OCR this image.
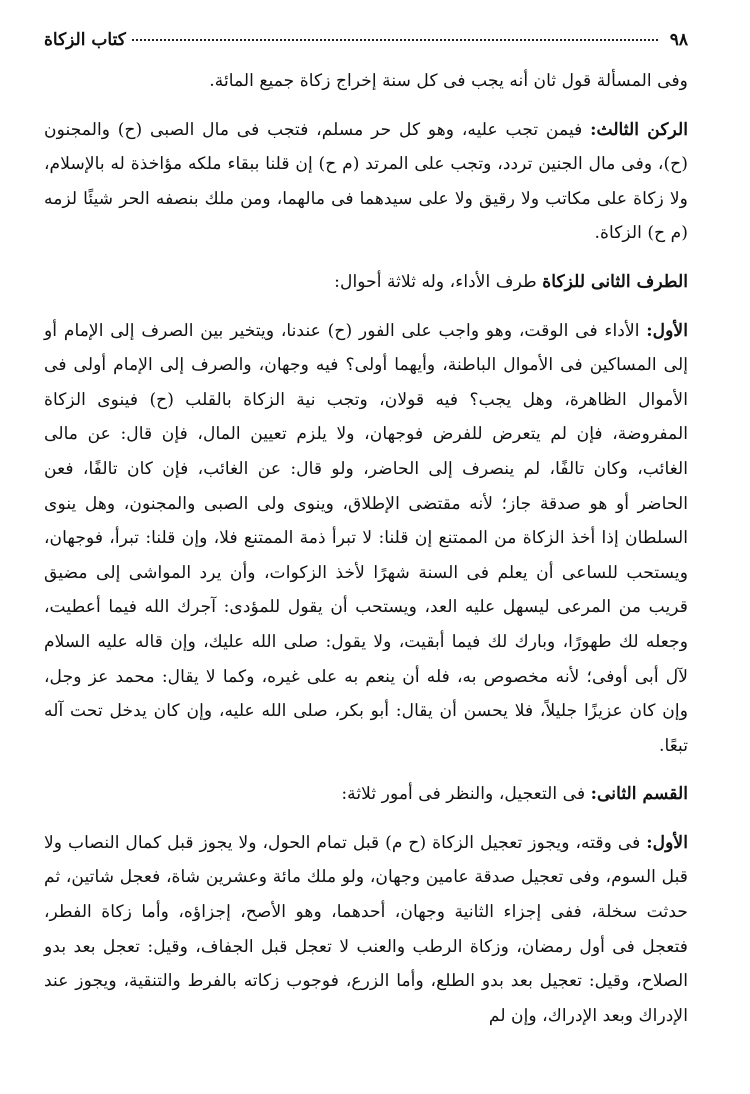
٩٨
كتاب الزكاة

وفى المسألة قول ثان أنه يجب فى كل سنة إخراج زكاة جميع المائة.

الركن الثالث: فيمن تجب عليه، وهو كل حر مسلم، فتجب فى مال الصبى (ح) والمجنون (ح)، وفى مال الجنين تردد، وتجب على المرتد (م ح) إن قلنا ببقاء ملكه مؤاخذة له بالإسلام، ولا زكاة على مكاتب ولا رقيق ولا على سيدهما فى مالهما، ومن ملك بنصفه الحر شيئًا لزمه (م ح) الزكاة.

الطرف الثانى للزكاة طرف الأداء، وله ثلاثة أحوال:

الأول: الأداء فى الوقت، وهو واجب على الفور (ح) عندنا، ويتخير بين الصرف إلى الإمام أو إلى المساكين فى الأموال الباطنة، وأيهما أولى؟ فيه وجهان، والصرف إلى الإمام أولى فى الأموال الظاهرة، وهل يجب؟ فيه قولان، وتجب نية الزكاة بالقلب (ح) فينوى الزكاة المفروضة، فإن لم يتعرض للفرض فوجهان، ولا يلزم تعيين المال، فإن قال: عن مالى الغائب، وكان تالفًا، لم ينصرف إلى الحاضر، ولو قال: عن الغائب، فإن كان تالفًا، فعن الحاضر أو هو صدقة جاز؛ لأنه مقتضى الإطلاق، وينوى ولى الصبى والمجنون، وهل ينوى السلطان إذا أخذ الزكاة من الممتنع إن قلنا: لا تبرأ ذمة الممتنع فلا، وإن قلنا: تبرأ، فوجهان، ويستحب للساعى أن يعلم فى السنة شهرًا لأخذ الزكوات، وأن يرد المواشى إلى مضيق قريب من المرعى ليسهل عليه العد، ويستحب أن يقول للمؤدى: آجرك الله فيما أعطيت، وجعله لك طهورًا، وبارك لك فيما أبقيت، ولا يقول: صلى الله عليك، وإن قاله عليه السلام لآل أبى أوفى؛ لأنه مخصوص به، فله أن ينعم به على غيره، وكما لا يقال: محمد عز وجل، وإن كان عزيزًا جليلاً، فلا يحسن أن يقال: أبو بكر، صلى الله عليه، وإن كان يدخل تحت آله تبعًا.

القسم الثانى: فى التعجيل، والنظر فى أمور ثلاثة:

الأول: فى وقته، ويجوز تعجيل الزكاة (ح م) قبل تمام الحول، ولا يجوز قبل كمال النصاب ولا قبل السوم، وفى تعجيل صدقة عامين وجهان، ولو ملك مائة وعشرين شاة، فعجل شاتين، ثم حدثت سخلة، ففى إجزاء الثانية وجهان، أحدهما، وهو الأصح، إجزاؤه، وأما زكاة الفطر، فتعجل فى أول رمضان، وزكاة الرطب والعنب لا تعجل قبل الجفاف، وقيل: تعجل بعد بدو الصلاح، وقيل: تعجيل بعد بدو الطلع، وأما الزرع، فوجوب زكاته بالفرط والتنقية، ويجوز عند الإدراك وبعد الإدراك، وإن لم
